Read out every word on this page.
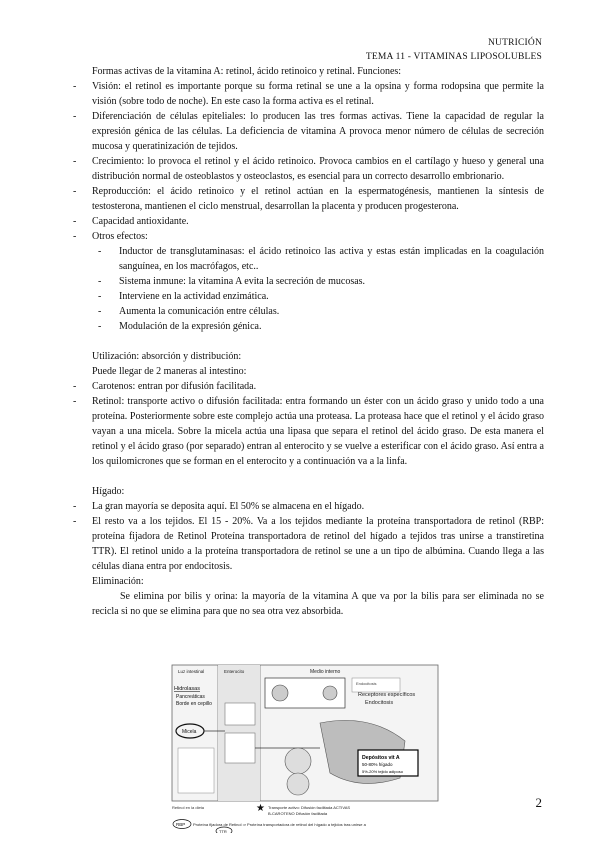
NUTRICIÓN
TEMA 11 - VITAMINAS LIPOSOLUBLES
Formas activas de la vitamina A: retinol, ácido retinoico y retinal. Funciones:
- Visión: el retinol es importante porque su forma retinal se une a la opsina y forma rodopsina que permite la visión (sobre todo de noche). En este caso la forma activa es el retinal.
- Diferenciación de células epiteliales: lo producen las tres formas activas. Tiene la capacidad de regular la expresión génica de las células. La deficiencia de vitamina A provoca menor número de células de secreción mucosa y queratinización de tejidos.
- Crecimiento: lo provoca el retinol y el ácido retinoico. Provoca cambios en el cartílago y hueso y general una distribución normal de osteoblastos y osteoclastos, es esencial para un correcto desarrollo embrionario.
- Reproducción: el ácido retinoico y el retinol actúan en la espermatogénesis, mantienen la síntesis de testosterona, mantienen el ciclo menstrual, desarrollan la placenta y producen progesterona.
- Capacidad antioxidante.
- Otros efectos:
- Inductor de transglutaminasas: el ácido retinoico las activa y estas están implicadas en la coagulación sanguínea, en los macrófagos, etc..
- Sistema inmune: la vitamina A evita la secreción de mucosas.
- Interviene en la actividad enzimática.
- Aumenta la comunicación entre células.
- Modulación de la expresión génica.
Utilización: absorción y distribución:
Puede llegar de 2 maneras al intestino:
- Carotenos: entran por difusión facilitada.
- Retinol: transporte activo o difusión facilitada: entra formando un éster con un ácido graso y unido todo a una proteína. Posteriormente sobre este complejo actúa una proteasa. La proteasa hace que el retinol y el ácido graso vayan a una micela. Sobre la micela actúa una lipasa que separa el retinol del ácido graso. De esta manera el retinol y el ácido graso (por separado) entran al enterocito y se vuelve a esterificar con el ácido graso. Así entra a los quilomicrones que se forman en el enterocito y a continuación va a la linfa.
Hígado:
- La gran mayoría se deposita aquí. El 50% se almacena en el hígado.
- El resto va a los tejidos. El 15 - 20%. Va a los tejidos mediante la proteína transportadora de retinol (RBP: proteína fijadora de Retinol Proteína transportadora de retinol del hígado a tejidos tras unirse a transtiretina TTR). El retinol unido a la proteína transportadora de retinol se une a un tipo de albúmina. Cuando llega a las células diana entra por endocitosis.
Eliminación:
Se elimina por bilis y orina: la mayoría de la vitamina A que va por la bilis para ser eliminada no se recicla si no que se elimina para que no sea otra vez absorbida.
Luz intestinal	Enterocito	Medio interno
Hidrolasas
Pancreáticas
Borde en cepillo
Micela
Endocitosis
Receptores específicos
Endocitosis
Depósitos vit A
50-80% hígado
5%-20% tejido adiposo
Retinol en la dieta	★ Transporte activo: Difusión facilitada ACTIVAS
B-CAROTENO Difusión facilitada
RBP Proteína fijadora de Retinol ⇒ Proteína transportadora de retinol del hígado a tejidos tras unirse a
TTR
2
